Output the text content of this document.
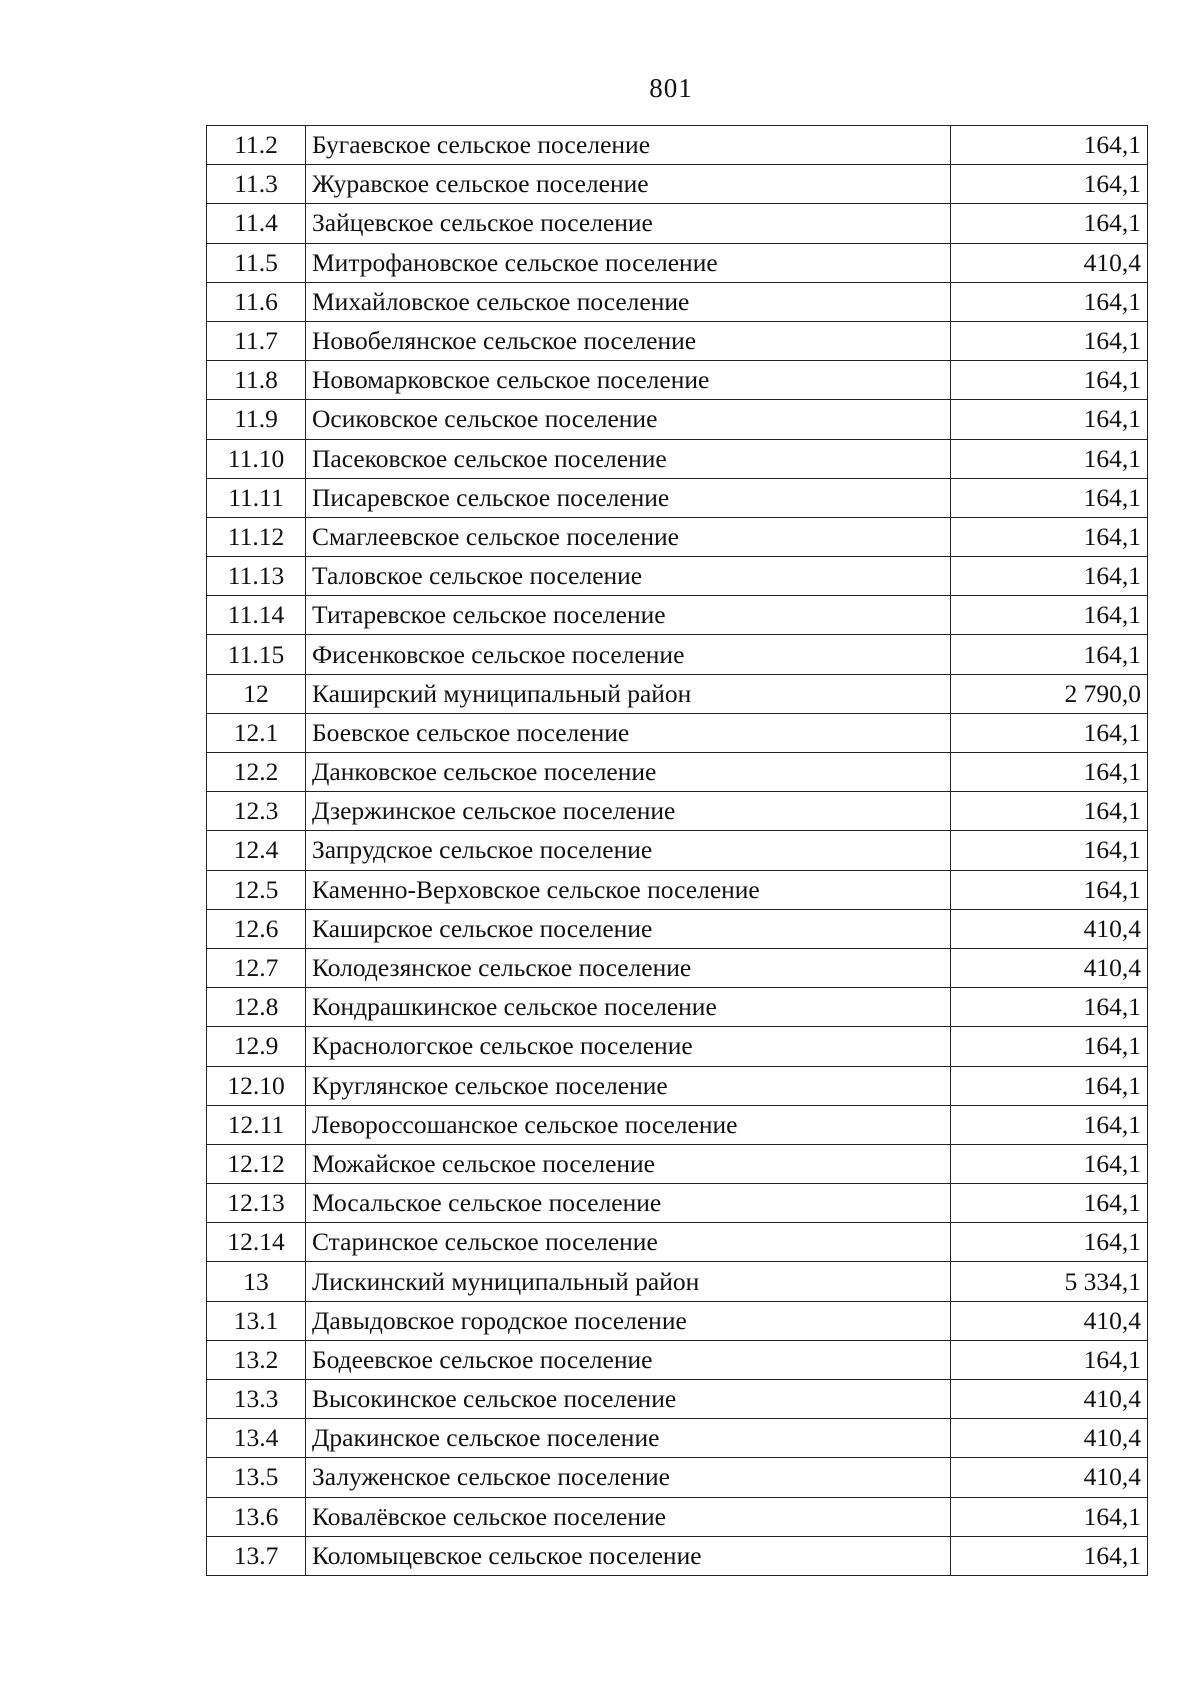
801
11.2	Бугаевское сельское поселение	164,1
11.3	Журавское сельское поселение	164,1
11.4	Зайцевское сельское поселение	164,1
11.5	Митрофановское сельское поселение	410,4
11.6	Михайловское сельское поселение	164,1
11.7	Новобелянское сельское поселение	164,1
11.8	Новомарковское сельское поселение	164,1
11.9	Осиковское сельское поселение	164,1
11.10	Пасековское сельское поселение	164,1
11.11	Писаревское сельское поселение	164,1
11.12	Смаглеевское сельское поселение	164,1
11.13	Таловское сельское поселение	164,1
11.14	Титаревское сельское поселение	164,1
11.15	Фисенковское сельское поселение	164,1
12	Каширский муниципальный район	2 790,0
12.1	Боевское сельское поселение	164,1
12.2	Данковское сельское поселение	164,1
12.3	Дзержинское сельское поселение	164,1
12.4	Запрудское сельское поселение	164,1
12.5	Каменно-Верховское сельское поселение	164,1
12.6	Каширское сельское поселение	410,4
12.7	Колодезянское сельское поселение	410,4
12.8	Кондрашкинское сельское поселение	164,1
12.9	Краснологское сельское поселение	164,1
12.10	Круглянское сельское поселение	164,1
12.11	Левороссошанское сельское поселение	164,1
12.12	Можайское сельское поселение	164,1
12.13	Мосальское сельское поселение	164,1
12.14	Старинское сельское поселение	164,1
13	Лискинский муниципальный район	5 334,1
13.1	Давыдовское городское поселение	410,4
13.2	Бодеевское сельское поселение	164,1
13.3	Высокинское сельское поселение	410,4
13.4	Дракинское сельское поселение	410,4
13.5	Залуженское сельское поселение	410,4
13.6	Ковалёвское сельское поселение	164,1
13.7	Коломыцевское сельское поселение	164,1
